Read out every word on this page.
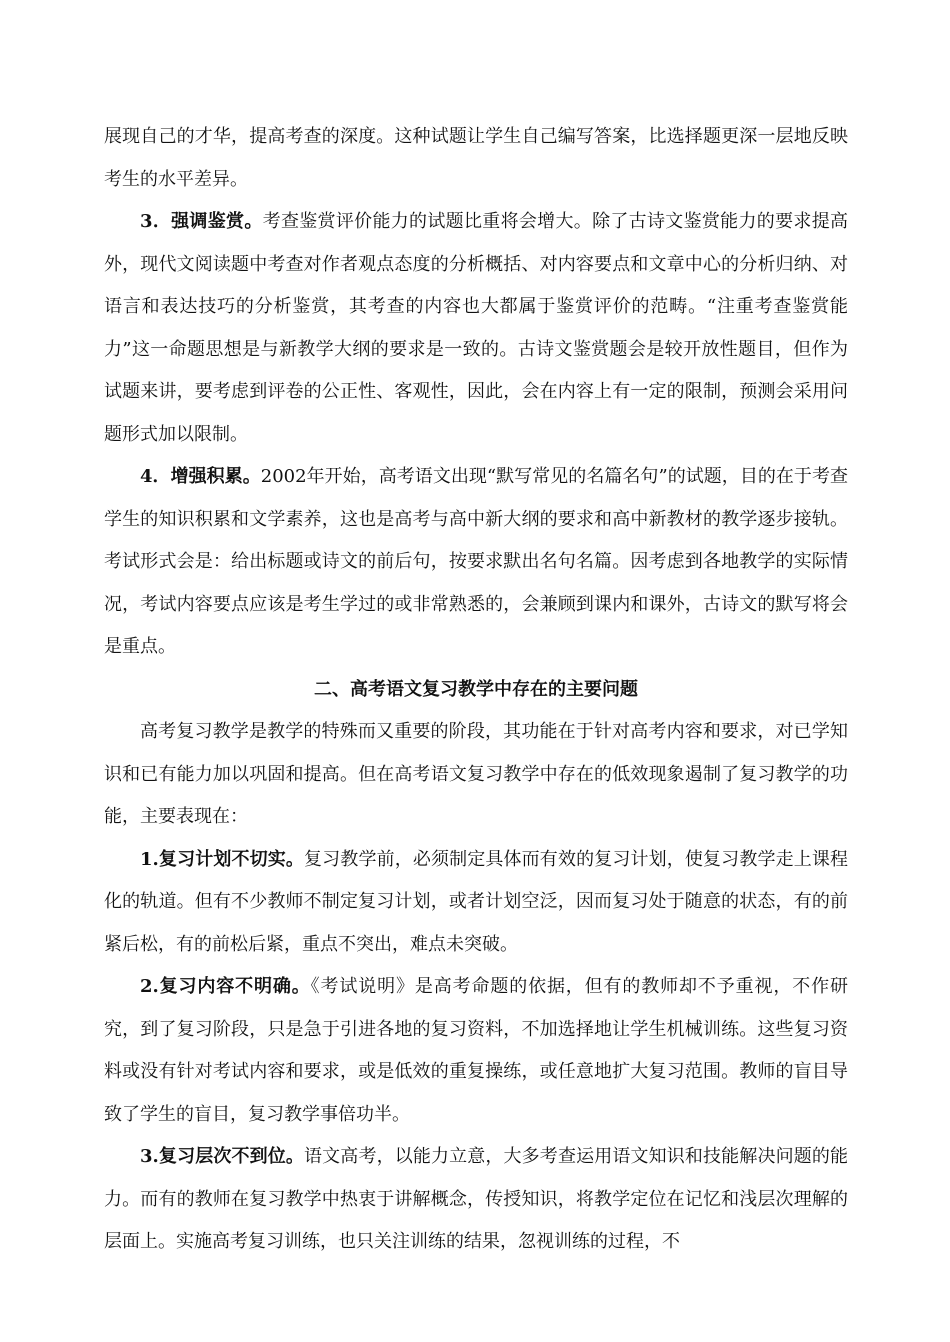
展现自己的才华，提高考查的深度。这种试题让学生自己编写答案，比选择题更深一层地反映考生的水平差异。

3．强调鉴赏。考查鉴赏评价能力的试题比重将会增大。除了古诗文鉴赏能力的要求提高外，现代文阅读题中考查对作者观点态度的分析概括、对内容要点和文章中心的分析归纳、对语言和表达技巧的分析鉴赏，其考查的内容也大都属于鉴赏评价的范畴。“注重考查鉴赏能力”这一命题思想是与新教学大纲的要求是一致的。古诗文鉴赏题会是较开放性题目，但作为试题来讲，要考虑到评卷的公正性、客观性，因此，会在内容上有一定的限制，预测会采用问题形式加以限制。

4．增强积累。2002年开始，高考语文出现“默写常见的名篇名句”的试题，目的在于考查学生的知识积累和文学素养，这也是高考与高中新大纲的要求和高中新教材的教学逐步接轨。考试形式会是：给出标题或诗文的前后句，按要求默出名句名篇。因考虑到各地教学的实际情况，考试内容要点应该是考生学过的或非常熟悉的，会兼顾到课内和课外，古诗文的默写将会是重点。

二、高考语文复习教学中存在的主要问题

高考复习教学是教学的特殊而又重要的阶段，其功能在于针对高考内容和要求，对已学知识和已有能力加以巩固和提高。但在高考语文复习教学中存在的低效现象遏制了复习教学的功能，主要表现在：

1.复习计划不切实。复习教学前，必须制定具体而有效的复习计划，使复习教学走上课程化的轨道。但有不少教师不制定复习计划，或者计划空泛，因而复习处于随意的状态，有的前紧后松，有的前松后紧，重点不突出，难点未突破。

2.复习内容不明确。《考试说明》是高考命题的依据，但有的教师却不予重视，不作研究，到了复习阶段，只是急于引进各地的复习资料，不加选择地让学生机械训练。这些复习资料或没有针对考试内容和要求，或是低效的重复操练，或任意地扩大复习范围。教师的盲目导致了学生的盲目，复习教学事倍功半。

3.复习层次不到位。语文高考，以能力立意，大多考查运用语文知识和技能解决问题的能力。而有的教师在复习教学中热衷于讲解概念，传授知识，将教学定位在记忆和浅层次理解的层面上。实施高考复习训练，也只关注训练的结果，忽视训练的过程，不
